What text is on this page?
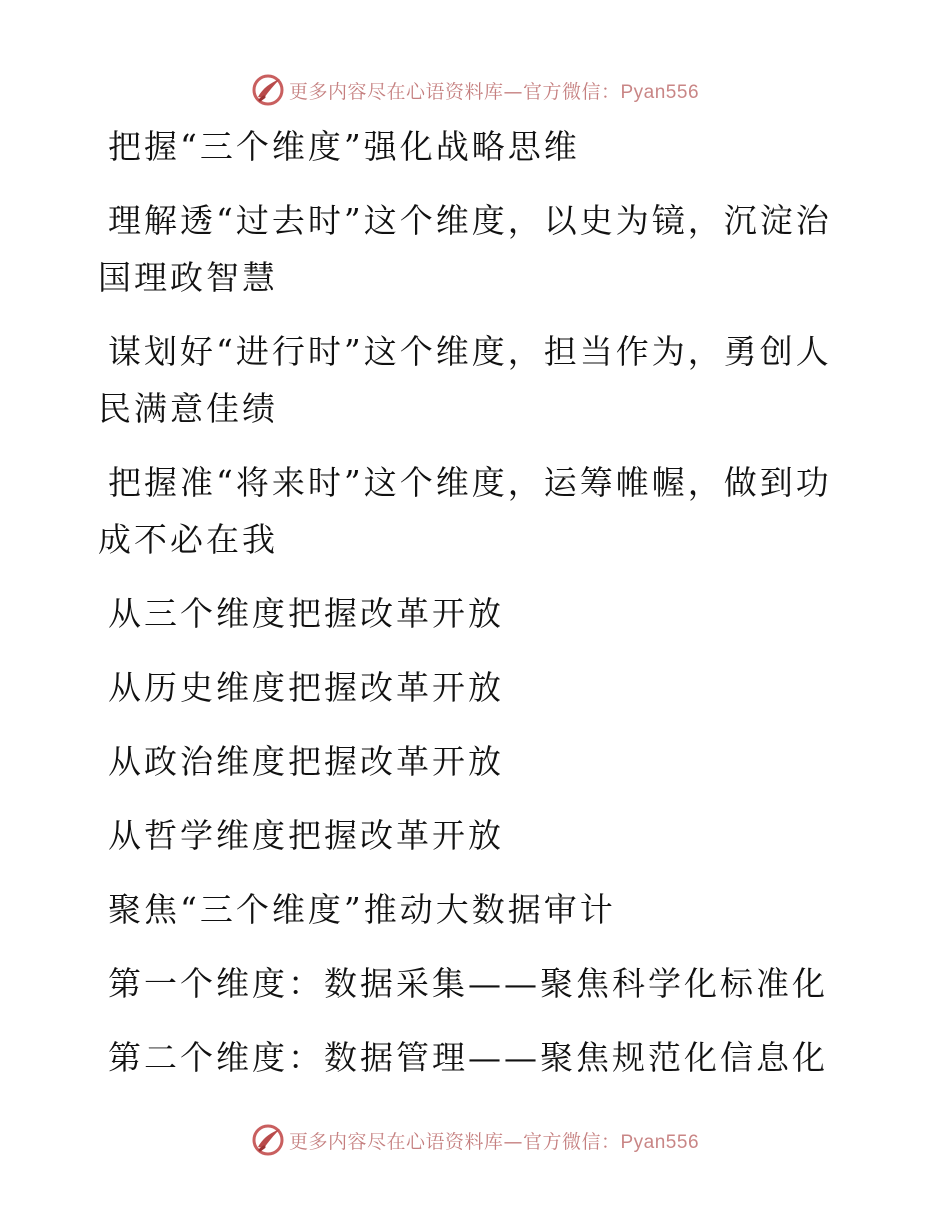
更多内容尽在心语资料库—官方微信：Pyan556

把握“三个维度”强化战略思维

理解透“过去时”这个维度，以史为镜，沉淀治国理政智慧

谋划好“进行时”这个维度，担当作为，勇创人民满意佳绩

把握准“将来时”这个维度，运筹帷幄，做到功成不必在我

从三个维度把握改革开放

从历史维度把握改革开放

从政治维度把握改革开放

从哲学维度把握改革开放

聚焦“三个维度”推动大数据审计

第一个维度：数据采集——聚焦科学化标准化

第二个维度：数据管理——聚焦规范化信息化

更多内容尽在心语资料库—官方微信：Pyan556
